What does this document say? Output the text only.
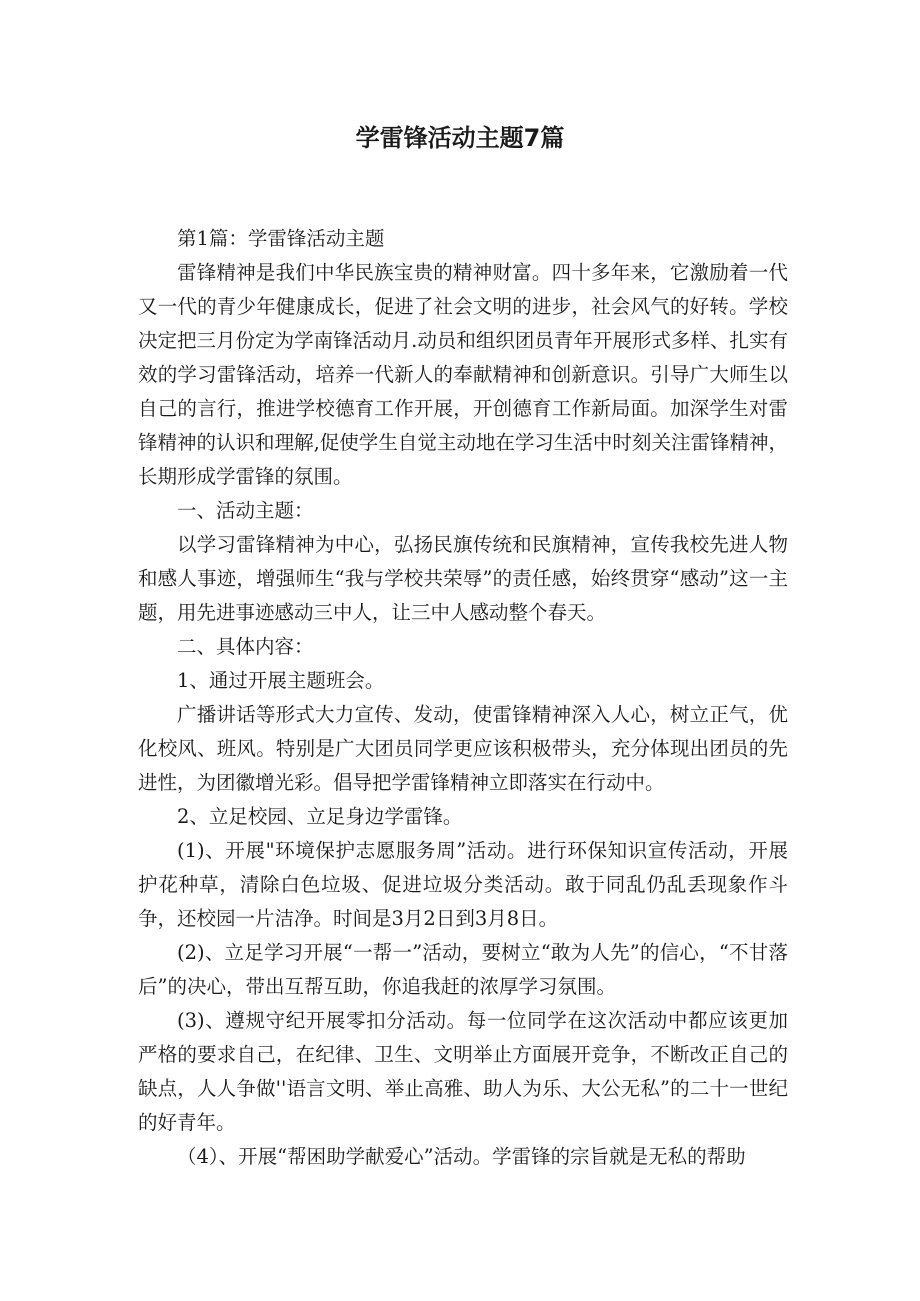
学雷锋活动主题7篇

第1篇：学雷锋活动主题

雷锋精神是我们中华民族宝贵的精神财富。四十多年来，它激励着一代又一代的青少年健康成长，促进了社会文明的进步，社会风气的好转。学校决定把三月份定为学南锋活动月.动员和组织团员青年开展形式多样、扎实有效的学习雷锋活动，培养一代新人的奉献精神和创新意识。引导广大师生以自己的言行，推进学校德育工作开展，开创德育工作新局面。加深学生对雷锋精神的认识和理解,促使学生自觉主动地在学习生活中时刻关注雷锋精神，长期形成学雷锋的氛围。

一、活动主题：

以学习雷锋精神为中心，弘扬民旗传统和民旗精神，宣传我校先进人物和感人事迹，增强师生“我与学校共荣辱”的责任感，始终贯穿“感动”这一主题，用先进事迹感动三中人，让三中人感动整个春天。

二、具体内容：

1、通过开展主题班会。

广播讲话等形式大力宣传、发动，使雷锋精神深入人心，树立正气，优化校风、班风。特别是广大团员同学更应该积极带头，充分体现出团员的先进性，为团徽增光彩。倡导把学雷锋精神立即落实在行动中。

2、立足校园、立足身边学雷锋。

(1)、开展"环境保护志愿服务周”活动。进行环保知识宣传活动，开展护花种草，清除白色垃圾、促进垃圾分类活动。敢于同乱仍乱丢现象作斗争，还校园一片洁净。时间是3月2日到3月8日。

(2)、立足学习开展“一帮一”活动，要树立“敢为人先”的信心，“不甘落后”的决心，带出互帮互助，你追我赶的浓厚学习氛围。

(3)、遵规守纪开展零扣分活动。每一位同学在这次活动中都应该更加严格的要求自己，在纪律、卫生、文明举止方面展开竞争，不断改正自己的缺点，人人争做''语言文明、举止高雅、助人为乐、大公无私”的二十一世纪的好青年。

（4）、开展“帮困助学献爱心”活动。学雷锋的宗旨就是无私的帮助
